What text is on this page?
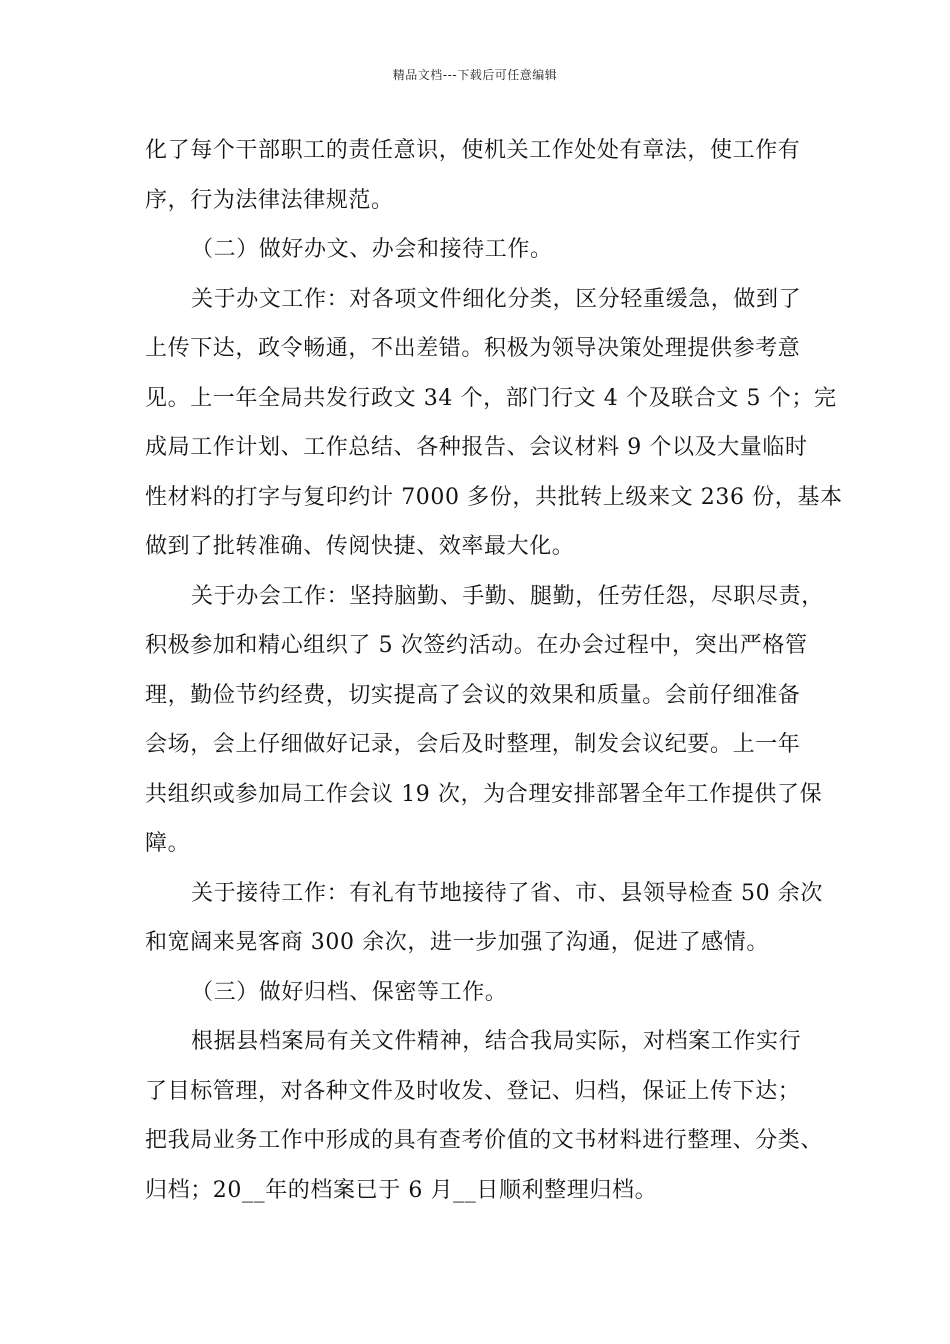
精品文档---下载后可任意编辑
化了每个干部职工的责任意识，使机关工作处处有章法，使工作有
序，行为法律法律规范。
（二）做好办文、办会和接待工作。
关于办文工作：对各项文件细化分类，区分轻重缓急，做到了
上传下达，政令畅通，不出差错。积极为领导决策处理提供参考意
见。上一年全局共发行政文 34 个，部门行文 4 个及联合文 5 个；完
成局工作计划、工作总结、各种报告、会议材料 9 个以及大量临时
性材料的打字与复印约计 7000 多份，共批转上级来文 236 份，基本
做到了批转准确、传阅快捷、效率最大化。
关于办会工作：坚持脑勤、手勤、腿勤，任劳任怨，尽职尽责，
积极参加和精心组织了 5 次签约活动。在办会过程中，突出严格管
理，勤俭节约经费，切实提高了会议的效果和质量。会前仔细准备
会场，会上仔细做好记录，会后及时整理，制发会议纪要。上一年
共组织或参加局工作会议 19 次，为合理安排部署全年工作提供了保
障。
关于接待工作：有礼有节地接待了省、市、县领导检查 50 余次
和宽阔来晃客商 300 余次，进一步加强了沟通，促进了感情。
（三）做好归档、保密等工作。
根据县档案局有关文件精神，结合我局实际，对档案工作实行
了目标管理，对各种文件及时收发、登记、归档，保证上传下达；
把我局业务工作中形成的具有查考价值的文书材料进行整理、分类、
归档；20__年的档案已于 6 月__日顺利整理归档。
